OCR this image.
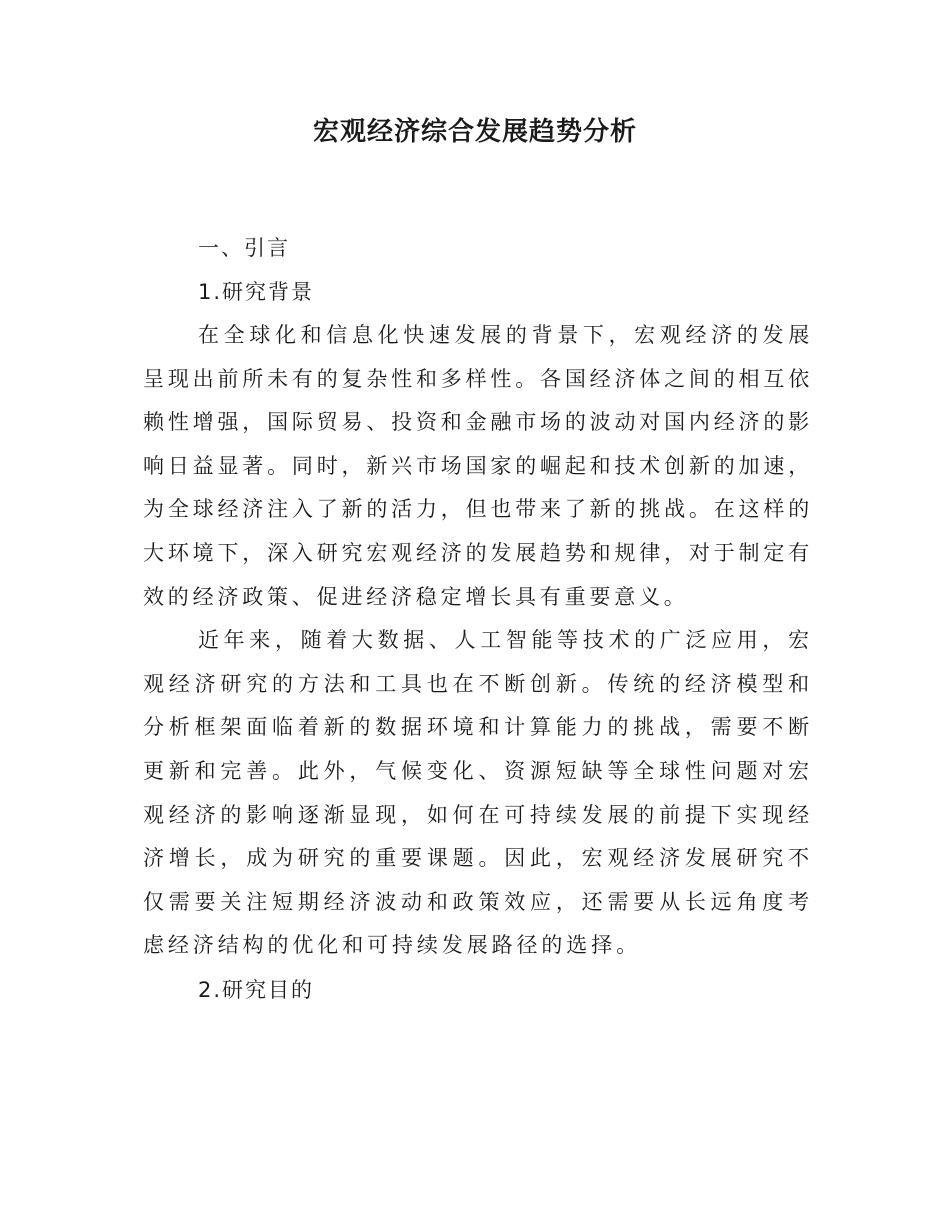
宏观经济综合发展趋势分析

一、引言

1.研究背景

在全球化和信息化快速发展的背景下，宏观经济的发展呈现出前所未有的复杂性和多样性。各国经济体之间的相互依赖性增强，国际贸易、投资和金融市场的波动对国内经济的影响日益显著。同时，新兴市场国家的崛起和技术创新的加速，为全球经济注入了新的活力，但也带来了新的挑战。在这样的大环境下，深入研究宏观经济的发展趋势和规律，对于制定有效的经济政策、促进经济稳定增长具有重要意义。

近年来，随着大数据、人工智能等技术的广泛应用，宏观经济研究的方法和工具也在不断创新。传统的经济模型和分析框架面临着新的数据环境和计算能力的挑战，需要不断更新和完善。此外，气候变化、资源短缺等全球性问题对宏观经济的影响逐渐显现，如何在可持续发展的前提下实现经济增长，成为研究的重要课题。因此，宏观经济发展研究不仅需要关注短期经济波动和政策效应，还需要从长远角度考虑经济结构的优化和可持续发展路径的选择。

2.研究目的
